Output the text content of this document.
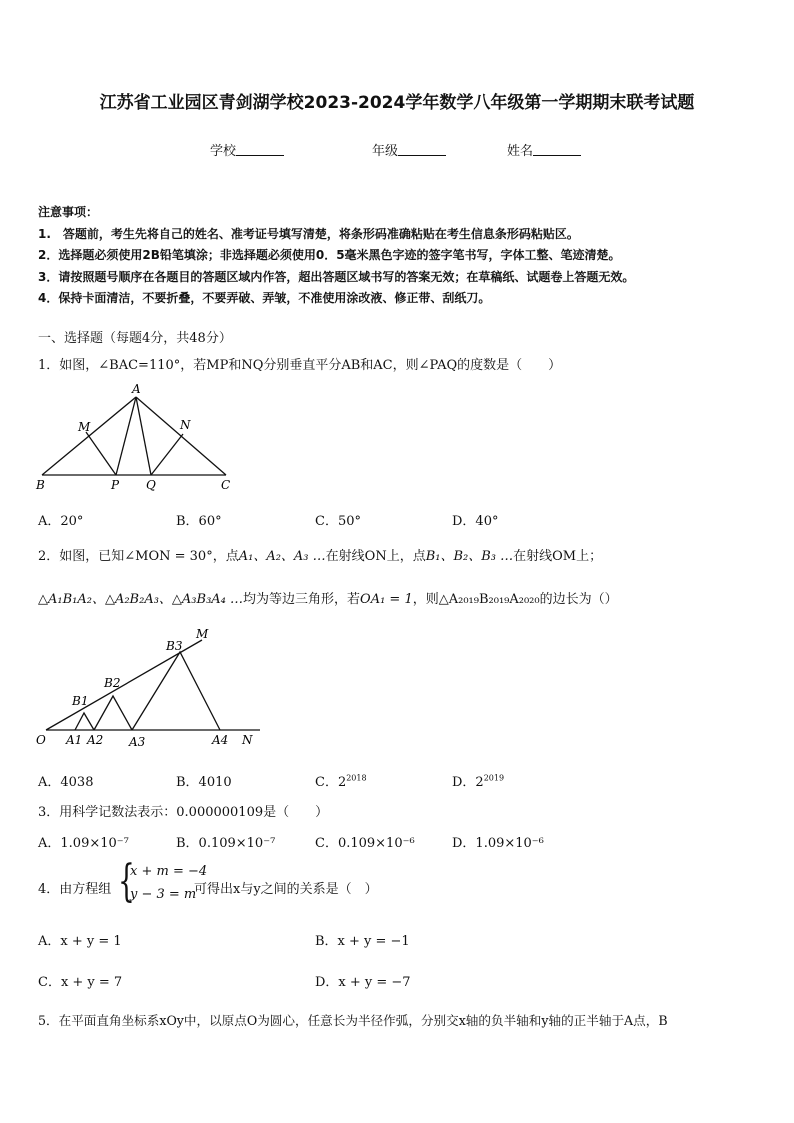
江苏省工业园区青剑湖学校2023-2024学年数学八年级第一学期期末联考试题
学校	年级	姓名
注意事项：
1.　答题前，考生先将自己的姓名、准考证号填写清楚，将条形码准确粘贴在考生信息条形码粘贴区。
2．选择题必须使用2B铅笔填涂；非选择题必须使用0．5毫米黑色字迹的签字笔书写，字体工整、笔迹清楚。
3．请按照题号顺序在各题目的答题区域内作答，超出答题区域书写的答案无效；在草稿纸、试题卷上答题无效。
4．保持卡面清洁，不要折叠，不要弄破、弄皱，不准使用涂改液、修正带、刮纸刀。
一、选择题（每题4分，共48分）
1．如图，∠BAC=110°，若MP和NQ分别垂直平分AB和AC，则∠PAQ的度数是（　　）
A
M	N
B	P Q	C
A．20°	B．60°	C．50°	D．40°
2．如图，已知∠MON = 30°，点A₁、A₂、A₃ …在射线ON上，点B₁、B₂、B₃ …在射线OM上；
△A₁B₁A₂、△A₂B₂A₃、△A₃B₃A₄ …均为等边三角形，若OA₁ = 1，则△A₂₀₁₉B₂₀₁₉A₂₀₂₀的边长为（）
M
B3
B2
B1
O A1 A2 A3	A4 N
A．4038	B．4010	C．$2^{2018}$	D．$2^{2019}$
3．用科学记数法表示：0.000000109是（　　）
A．1.09×10⁻⁷	B．0.109×10⁻⁷	C．0.109×10⁻⁶	D．1.09×10⁻⁶
4．由方程组 {
x + m = −4
y − 3 = m
可得出x与y之间的关系是（　）
A．x + y = 1	B．x + y = −1
C．x + y = 7	D．x + y = −7
5．在平面直角坐标系xOy中，以原点O为圆心，任意长为半径作弧，分别交x轴的负半轴和y轴的正半轴于A点，B
